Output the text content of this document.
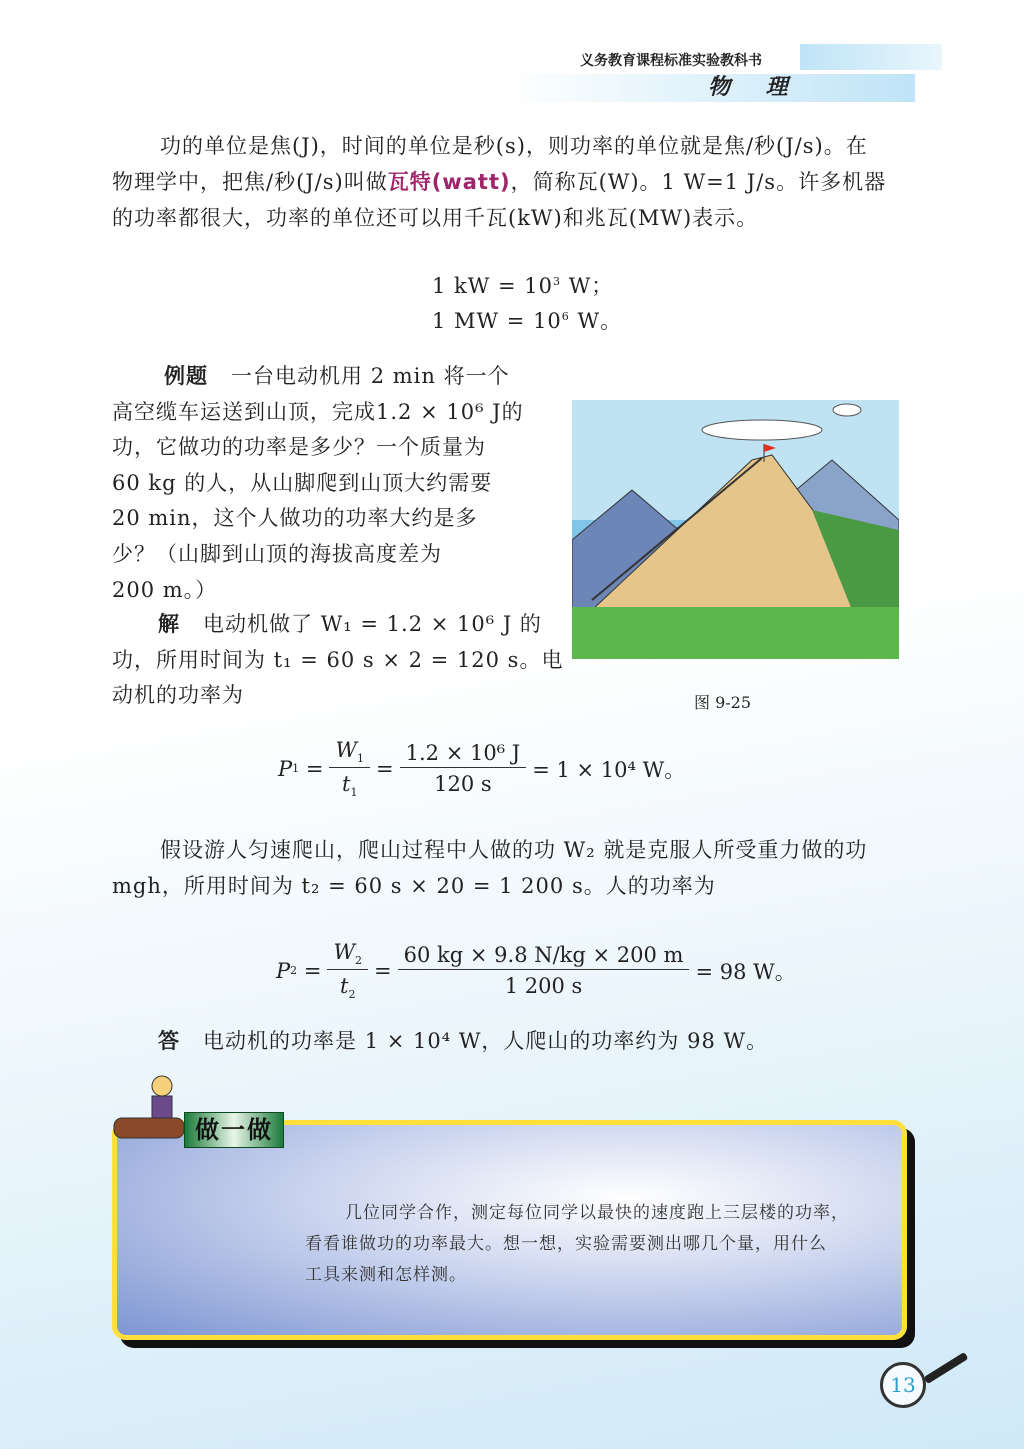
义务教育课程标准实验教科书
物 理
功的单位是焦(J)，时间的单位是秒(s)，则功率的单位就是焦/秒(J/s)。在
物理学中，把焦/秒(J/s)叫做瓦特(watt)，简称瓦(W)。1 W=1 J/s。许多机器
的功率都很大，功率的单位还可以用千瓦(kW)和兆瓦(MW)表示。
1 kW = $10^3$ W；
1 MW = $10^6$ W。
例题 一台电动机用 2 min 将一个
高空缆车运送到山顶，完成1.2 × 10⁶ J的
功，它做功的功率是多少？一个质量为
60 kg 的人，从山脚爬到山顶大约需要
20 min，这个人做功的功率大约是多
少？（山脚到山顶的海拔高度差为
200 m。）
解 电动机做了 W₁ = 1.2 × 10⁶ J 的
功，所用时间为 t₁ = 60 s × 2 = 120 s。电
动机的功率为	图 9-25
P 1
= $\frac{W_1}{t_1} = \frac{\text{1.2 × 10⁶ J}}{120 s} = 1 \times 10^4$ W。
假设游人匀速爬山，爬山过程中人做的功 W₂ 就是克服人所受重力做的功
mgh，所用时间为 t₂ = 60 s × 20 = 1 200 s。人的功率为
P 2
= $\frac{W_2}{t_2} = \frac{60 kg \times 9.8 N/kg \times 200 m}{1 200 s} = 98$ W。
答 电动机的功率是 1 × 10⁴ W，人爬山的功率约为 98 W。
做一做
几位同学合作，测定每位同学以最快的速度跑上三层楼的功率，
看看谁做功的功率最大。想一想，实验需要测出哪几个量，用什么
工具来测和怎样测。
13
